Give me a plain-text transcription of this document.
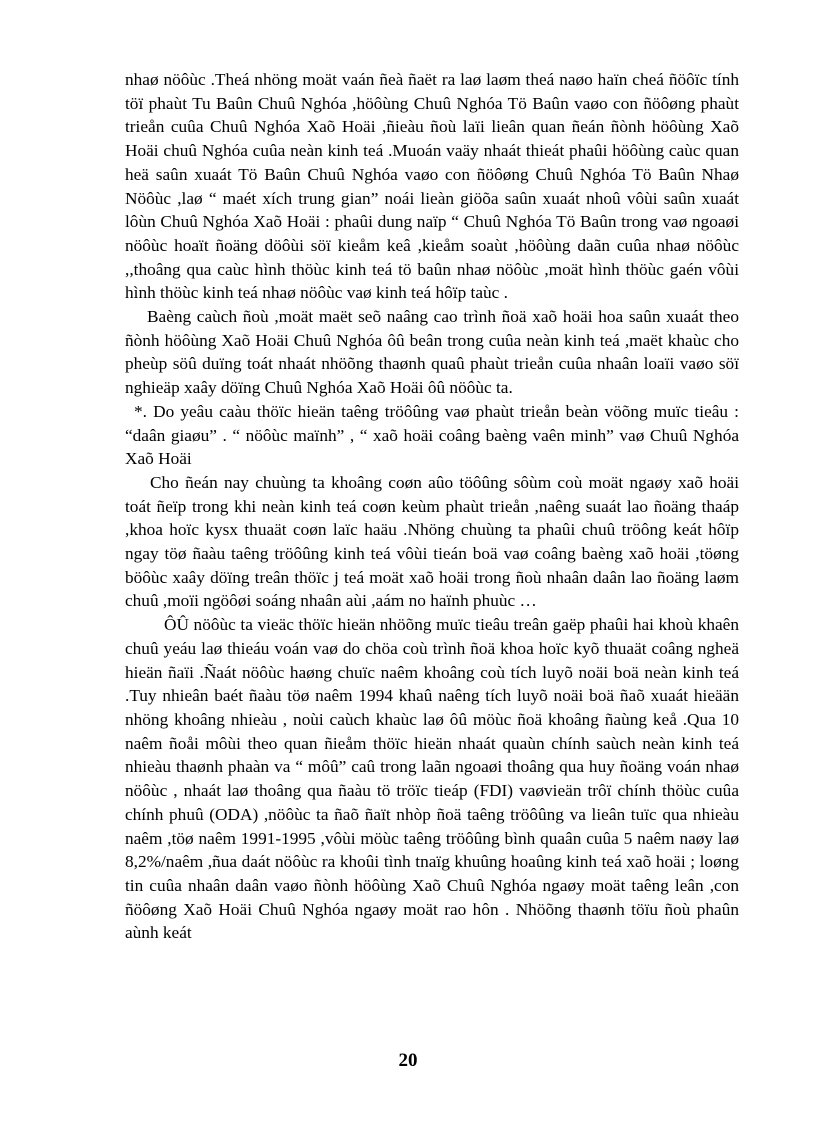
nhaø nöôùc .Theá nhöng moät vaán ñeà ñaët ra laø laøm theá naøo haïn cheá ñöôïc tính töï phaùt Tu Baûn Chuû Nghóa ,höôùng Chuû Nghóa Tö Baûn vaøo con ñöôøng phaùt trieån cuûa Chuû Nghóa Xaõ Hoäi ,ñieàu ñoù laïi lieân quan ñeán ñònh höôùng Xaõ Hoäi chuû Nghóa cuûa neàn kinh teá .Muoán vaäy nhaát thieát phaûi höôùng caùc quan heä saûn xuaát Tö Baûn Chuû Nghóa vaøo con ñöôøng Chuû Nghóa Tö Baûn Nhaø Nöôùc ,laø “ maét xích trung gian” noái lieàn giöõa saûn xuaát nhoû vôùi saûn xuaát lôùn Chuû Nghóa Xaõ Hoäi : phaûi dung naïp “ Chuû Nghóa Tö Baûn trong vaø ngoaøi nöôùc hoaït ñoäng döôùi söï kieåm keâ ,kieåm soaùt ,höôùng daãn cuûa nhaø nöôùc ,,thoâng qua caùc hình thöùc kinh teá tö baûn nhaø nöôùc ,moät hình thöùc gaén vôùi hình thöùc kinh teá nhaø nöôùc vaø kinh teá hôïp taùc .

Baèng caùch ñoù ,moät maët seõ naâng cao trình ñoä xaõ hoäi hoa saûn xuaát theo ñònh höôùng Xaõ Hoäi Chuû Nghóa ôû beân trong cuûa neàn kinh teá ,maët khaùc cho pheùp söû duïng toát nhaát nhöõng thaønh quaû phaùt trieån cuûa nhaân loaïi vaøo söï nghieäp xaây döïng Chuû Nghóa Xaõ Hoäi ôû nöôùc ta.

*. Do yeâu caàu thöïc hieän taêng tröôûng vaø phaùt trieån beàn vöõng muïc tieâu : “daân giaøu” . “ nöôùc maïnh” , “ xaõ hoäi coâng baèng vaên minh” vaø Chuû Nghóa Xaõ Hoäi

Cho ñeán nay chuùng ta khoâng coøn aûo töôûng sôùm coù moät ngaøy xaõ hoäi toát ñeïp trong khi neàn kinh teá coøn keùm phaùt trieån ,naêng suaát lao ñoäng thaáp ,khoa hoïc kysx thuaät coøn laïc haäu .Nhöng chuùng ta phaûi chuû tröông keát hôïp ngay töø ñaàu taêng tröôûng kinh teá vôùi tieán boä vaø coâng baèng xaõ hoäi ,töøng böôùc xaây döïng treân thöïc j teá moät xaõ hoäi trong ñoù nhaân daân lao ñoäng laøm chuû ,moïi ngöôøi soáng nhaân aùi ,aám no haïnh phuùc …

ÔÛ nöôùc ta vieäc thöïc hieän nhöõng muïc tieâu treân gaëp phaûi hai khoù khaên chuû yeáu laø thieáu voán vaø do chöa coù trình ñoä khoa hoïc kyõ thuaät coâng ngheä hieän ñaïi .Ñaát nöôùc haøng chuïc naêm khoâng coù tích luyõ noäi boä neàn kinh teá .Tuy nhieân baét ñaàu töø naêm 1994 khaû naêng tích luyõ noäi boä ñaõ xuaát hieään nhöng khoâng nhieàu , noùi caùch khaùc laø ôû möùc ñoä khoâng ñaùng keå .Qua 10 naêm ñoåi môùi theo quan ñieåm thöïc hieän nhaát quaùn chính saùch neàn kinh teá nhieàu thaønh phaàn va “ môû” caû trong laãn ngoaøi thoâng qua huy ñoäng voán nhaø nöôùc , nhaát laø thoâng qua ñaàu tö tröïc tieáp (FDI) vaøvieän trôï chính thöùc cuûa chính phuû (ODA) ,nöôùc ta ñaõ ñaït nhòp ñoä taêng tröôûng va lieân tuïc qua nhieàu naêm ,töø naêm 1991-1995 ,vôùi möùc taêng tröôûng bình quaân cuûa 5 naêm naøy laø 8,2%/naêm ,ñua daát nöôùc ra khoûi tình tnaïg khuûng hoaûng kinh teá xaõ hoäi ; loøng tin cuûa nhaân daân vaøo ñònh höôùng Xaõ Chuû Nghóa ngaøy moät taêng leân ,con ñöôøng Xaõ Hoäi Chuû Nghóa ngaøy moät rao hôn . Nhöõng thaønh töïu ñoù phaûn aùnh keát

20
